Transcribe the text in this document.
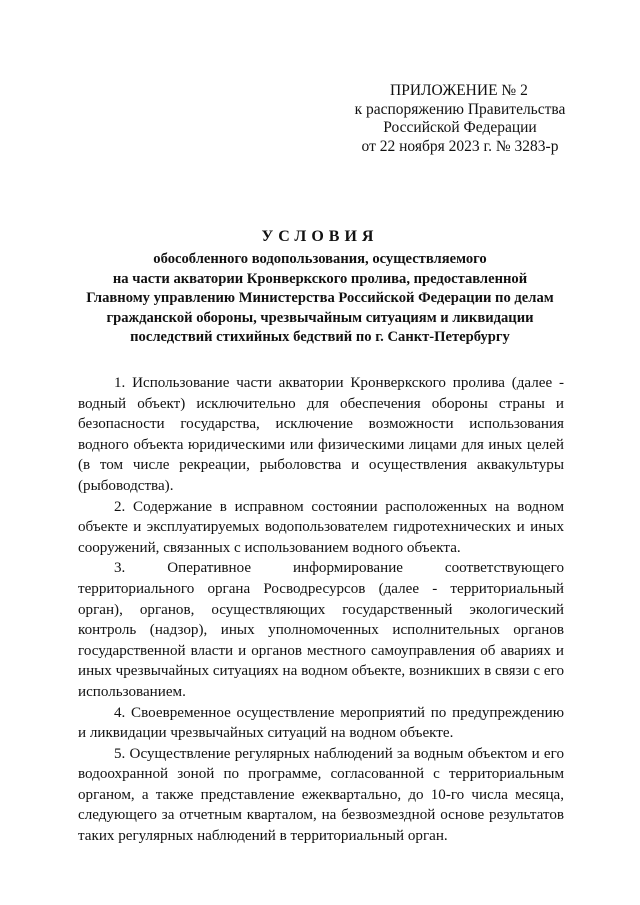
ПРИЛОЖЕНИЕ № 2
к распоряжению Правительства
Российской Федерации
от 22 ноября 2023 г. № 3283-р
УСЛОВИЯ
обособленного водопользования, осуществляемого
на части акватории Кронверкского пролива, предоставленной
Главному управлению Министерства Российской Федерации по делам
гражданской обороны, чрезвычайным ситуациям и ликвидации
последствий стихийных бедствий по г. Санкт-Петербургу

1. Использование части акватории Кронверкского пролива (далее - водный объект) исключительно для обеспечения обороны страны и безопасности государства, исключение возможности использования водного объекта юридическими или физическими лицами для иных целей (в том числе рекреации, рыболовства и осуществления аквакультуры (рыбоводства).

2. Содержание в исправном состоянии расположенных на водном объекте и эксплуатируемых водопользователем гидротехнических и иных сооружений, связанных с использованием водного объекта.

3. Оперативное информирование соответствующего территориального органа Росводресурсов (далее - территориальный орган), органов, осуществляющих государственный экологический контроль (надзор), иных уполномоченных исполнительных органов государственной власти и органов местного самоуправления об авариях и иных чрезвычайных ситуациях на водном объекте, возникших в связи с его использованием.

4. Своевременное осуществление мероприятий по предупреждению и ликвидации чрезвычайных ситуаций на водном объекте.

5. Осуществление регулярных наблюдений за водным объектом и его водоохранной зоной по программе, согласованной с территориальным органом, а также представление ежеквартально, до 10-го числа месяца, следующего за отчетным кварталом, на безвозмездной основе результатов таких регулярных наблюдений в территориальный орган.
